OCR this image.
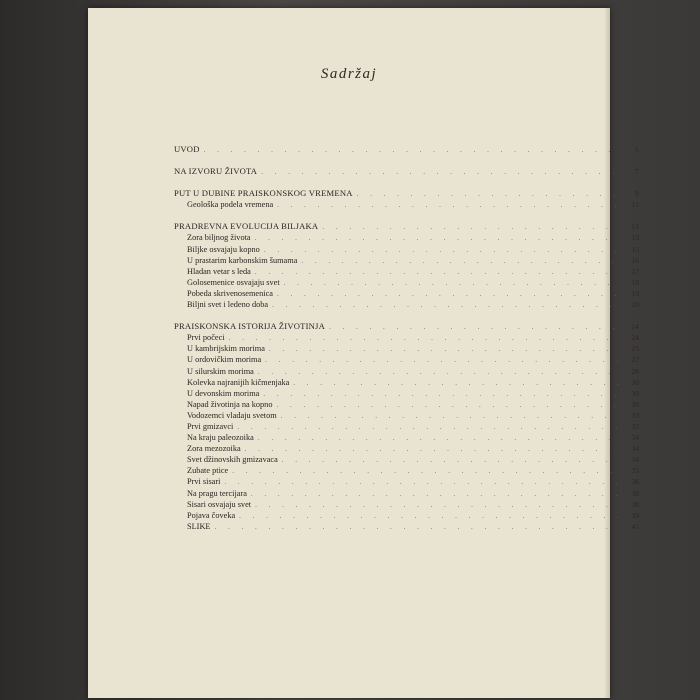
Sadržaj
UVOD . . .	5
NA IZVORU ŽIVOTA . . .	7
PUT U DUBINE PRAISKONSKOG VREMENA . . .	9
Geološka podela vremena . . .	11
PRADREVNA EVOLUCIJA BILJAKA . . .	13
Zora biljnog života . . .	13
Biljke osvajaju kopno . . .	15
U prastarim karbonskim šumama . . .	16
Hladan vetar s leda . . .	17
Golosemenice osvajaju svet . . .	18
Pobeda skrivenosemenica . . .	19
Biljni svet i ledeno doba . . .	20
PRAISKONSKA ISTORIJA ŽIVOTINJA . . .	24
Prvi počeci . . .	24
U kambrijskim morima . . .	25
U ordovičkim morima . . .	27
U silurskim morima . . .	28
Kolevka najranijih kičmenjaka . . .	30
U devonskim morima . . .	30
Napad životinja na kopno . . .	30
Vodozemci vladaju svetom . . .	33
Prvi gmizavci . . .	33
Na kraju paleozoika . . .	34
Zora mezozoika . . .	34
Svet džinovskih gmizavaca . . .	34
Zubate ptice . . .	35
Prvi sisari . . .	36
Na pragu tercijara . . .	38
Sisari osvajaju svet . . .	38
Pojava čoveka . . .	39
SLIKE . . .	41
